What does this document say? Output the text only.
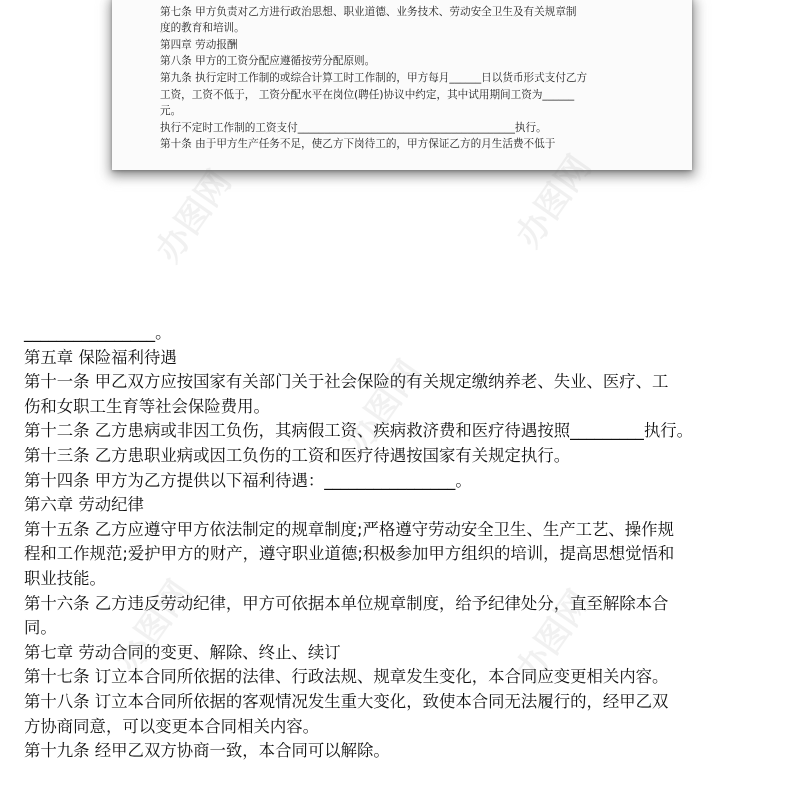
第七条 甲方负责对乙方进行政治思想、职业道德、业务技术、劳动安全卫生及有关规章制
度的教育和培训。
第四章 劳动报酬
第八条 甲方的工资分配应遵循按劳分配原则。
第九条 执行定时工作制的或综合计算工时工作制的，甲方每月______日以货币形式支付乙方
工资，工资不低于， 工资分配水平在岗位(聘任)协议中约定，其中试用期间工资为______
元。
执行不定时工作制的工资支付_________________________________________执行。
第十条 由于甲方生产任务不足，使乙方下岗待工的，甲方保证乙方的月生活费不低于
________________。
第五章 保险福利待遇
第十一条 甲乙双方应按国家有关部门关于社会保险的有关规定缴纳养老、失业、医疗、工
伤和女职工生育等社会保险费用。
第十二条 乙方患病或非因工负伤，其病假工资、疾病救济费和医疗待遇按照_________执行。
第十三条 乙方患职业病或因工负伤的工资和医疗待遇按国家有关规定执行。
第十四条 甲方为乙方提供以下福利待遇：________________。
第六章 劳动纪律
第十五条 乙方应遵守甲方依法制定的规章制度;严格遵守劳动安全卫生、生产工艺、操作规
程和工作规范;爱护甲方的财产，遵守职业道德;积极参加甲方组织的培训，提高思想觉悟和
职业技能。
第十六条 乙方违反劳动纪律，甲方可依据本单位规章制度，给予纪律处分，直至解除本合
同。
第七章 劳动合同的变更、解除、终止、续订
第十七条 订立本合同所依据的法律、行政法规、规章发生变化，本合同应变更相关内容。
第十八条 订立本合同所依据的客观情况发生重大变化，致使本合同无法履行的，经甲乙双
方协商同意，可以变更本合同相关内容。
第十九条 经甲乙双方协商一致，本合同可以解除。
办图网
办图网	办图网
